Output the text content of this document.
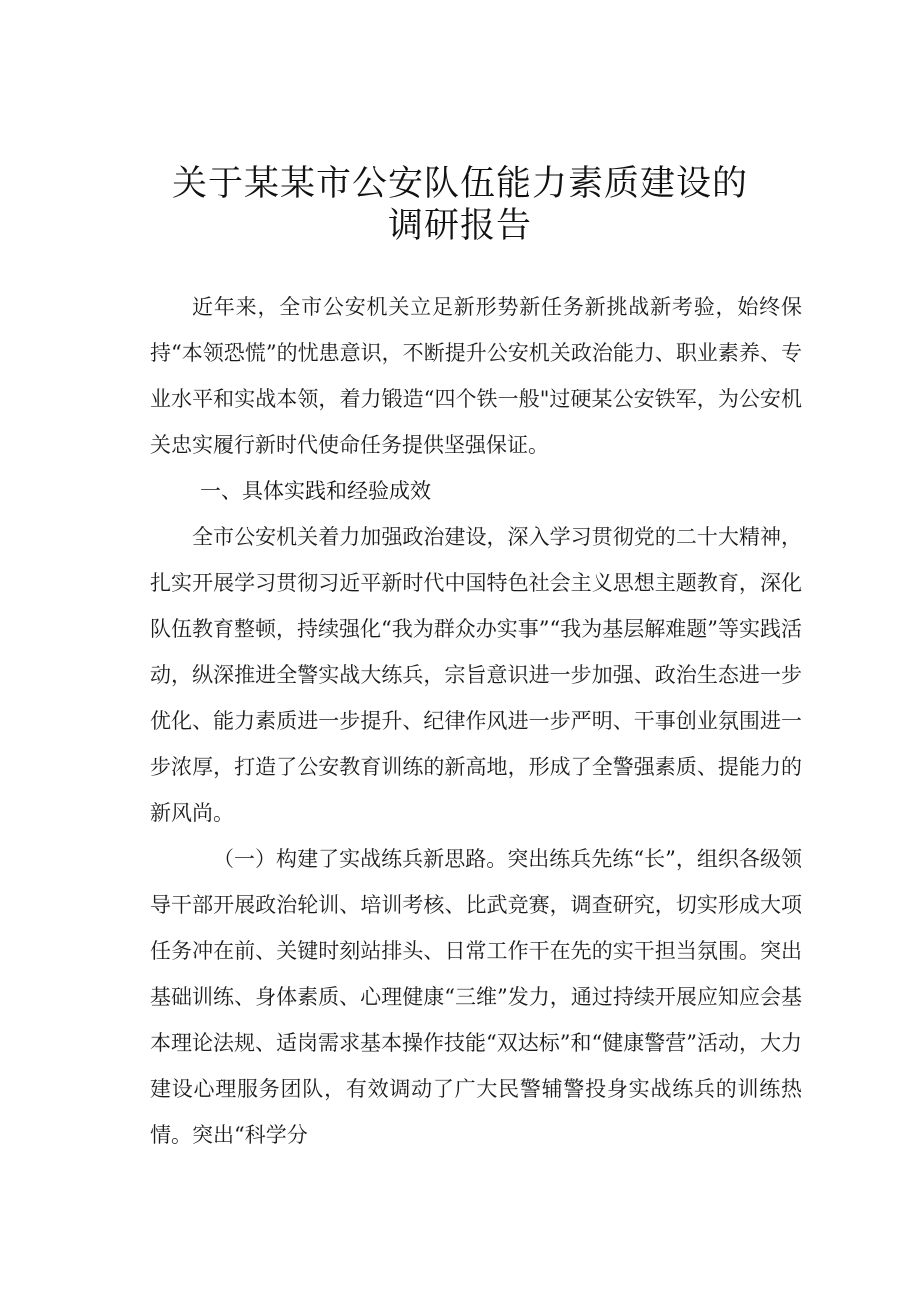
关于某某市公安队伍能力素质建设的
调研报告

近年来，全市公安机关立足新形势新任务新挑战新考验，始终保持“本领恐慌”的忧患意识，不断提升公安机关政治能力、职业素养、专业水平和实战本领，着力锻造“四个铁一般"过硬某公安铁军，为公安机关忠实履行新时代使命任务提供坚强保证。

一、具体实践和经验成效

全市公安机关着力加强政治建设，深入学习贯彻党的二十大精神，扎实开展学习贯彻习近平新时代中国特色社会主义思想主题教育，深化队伍教育整顿，持续强化“我为群众办实事”“我为基层解难题”等实践活动，纵深推进全警实战大练兵，宗旨意识进一步加强、政治生态进一步优化、能力素质进一步提升、纪律作风进一步严明、干事创业氛围进一步浓厚，打造了公安教育训练的新高地，形成了全警强素质、提能力的新风尚。

（一）构建了实战练兵新思路。突出练兵先练“长”，组织各级领导干部开展政治轮训、培训考核、比武竞赛，调查研究，切实形成大项任务冲在前、关键时刻站排头、日常工作干在先的实干担当氛围。突出基础训练、身体素质、心理健康“三维”发力，通过持续开展应知应会基本理论法规、适岗需求基本操作技能“双达标”和“健康警营”活动，大力建设心理服务团队，有效调动了广大民警辅警投身实战练兵的训练热情。突出“科学分
